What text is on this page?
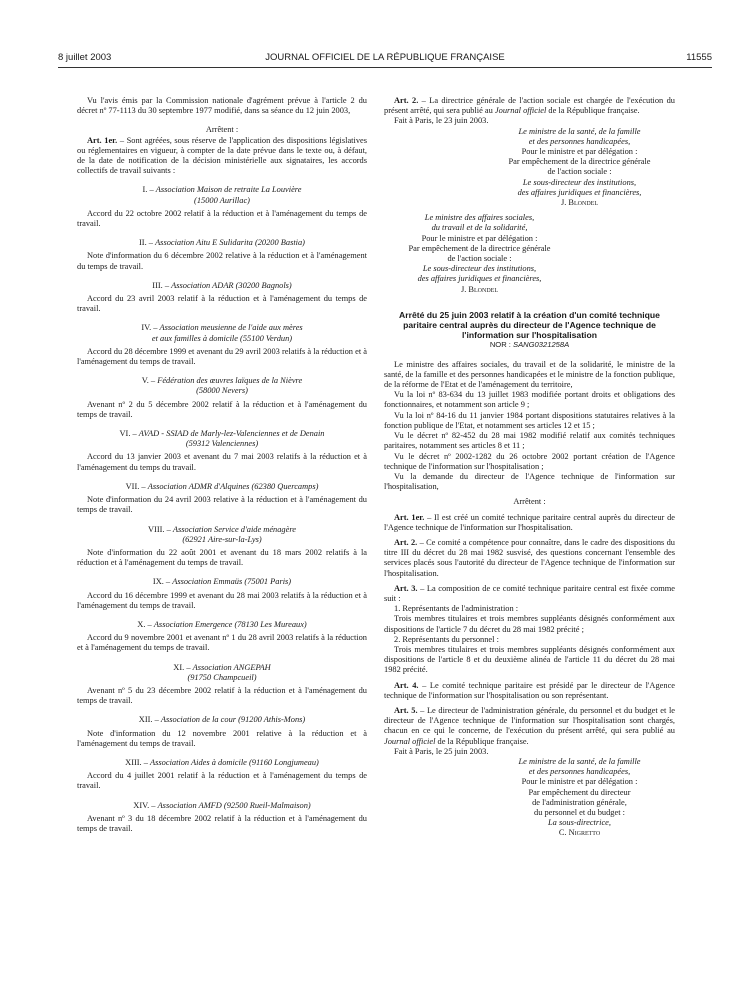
8 juillet 2003	JOURNAL OFFICIEL DE LA RÉPUBLIQUE FRANÇAISE	11555

Vu l'avis émis par la Commission nationale d'agrément prévue à l'article 2 du décret nº 77-1113 du 30 septembre 1977 modifié, dans sa séance du 12 juin 2003,

Arrêtent :

Art. 1er. – Sont agréées, sous réserve de l'application des dispositions législatives ou réglementaires en vigueur, à compter de la date prévue dans le texte ou, à défaut, de la date de notification de la décision ministérielle aux signataires, les accords collectifs de travail suivants :

I. – Association Maison de retraite La Louvière

(15000 Aurillac)

Accord du 22 octobre 2002 relatif à la réduction et à l'aménagement du temps de travail.

II. – Association Aitu E Sulidarita (20200 Bastia)

Note d'information du 6 décembre 2002 relative à la réduction et à l'aménagement du temps de travail.

III. – Association ADAR (30200 Bagnols)

Accord du 23 avril 2003 relatif à la réduction et à l'aménagement du temps de travail.

IV. – Association meusienne de l'aide aux mères

et aux familles à domicile (55100 Verdun)

Accord du 28 décembre 1999 et avenant du 29 avril 2003 relatifs à la réduction et à l'aménagement du temps de travail.

V. – Fédération des œuvres laïques de la Nièvre

(58000 Nevers)

Avenant nº 2 du 5 décembre 2002 relatif à la réduction et à l'aménagement du temps de travail.

VI. – AVAD - SSIAD de Marly-lez-Valenciennes et de Denain

(59312 Valenciennes)

Accord du 13 janvier 2003 et avenant du 7 mai 2003 relatifs à la réduction et à l'aménagement du temps du travail.

VII. – Association ADMR d'Alquines (62380 Quercamps)

Note d'information du 24 avril 2003 relative à la réduction et à l'aménagement du temps de travail.

VIII. – Association Service d'aide ménagère

(62921 Aire-sur-la-Lys)

Note d'information du 22 août 2001 et avenant du 18 mars 2002 relatifs à la réduction et à l'aménagement du temps de travail.

IX. – Association Emmaüs (75001 Paris)

Accord du 16 décembre 1999 et avenant du 28 mai 2003 relatifs à la réduction et à l'aménagement du temps de travail.

X. – Association Emergence (78130 Les Mureaux)

Accord du 9 novembre 2001 et avenant nº 1 du 28 avril 2003 relatifs à la réduction et à l'aménagement du temps de travail.

XI. – Association ANGEPAH

(91750 Champcueil)

Avenant nº 5 du 23 décembre 2002 relatif à la réduction et à l'aménagement du temps de travail.

XII. – Association de la cour (91200 Athis-Mons)

Note d'information du 12 novembre 2001 relative à la réduction et à l'aménagement du temps de travail.

XIII. – Association Aides à domicile (91160 Longjumeau)

Accord du 4 juillet 2001 relatif à la réduction et à l'aménagement du temps de travail.

XIV. – Association AMFD (92500 Rueil-Malmaison)

Avenant nº 3 du 18 décembre 2002 relatif à la réduction et à l'aménagement du temps de travail.

Art. 2. – La directrice générale de l'action sociale est chargée de l'exécution du présent arrêté, qui sera publié au Journal officiel de la République française.

Fait à Paris, le 23 juin 2003.

Le ministre de la santé, de la famille

et des personnes handicapées,

Pour le ministre et par délégation :

Par empêchement de la directrice générale

de l'action sociale :

Le sous-directeur des institutions,

des affaires juridiques et financières,

J. Blondel

Le ministre des affaires sociales,

du travail et de la solidarité,

Pour le ministre et par délégation :

Par empêchement de la directrice générale

de l'action sociale :

Le sous-directeur des institutions,

des affaires juridiques et financières,

J. Blondel

Arrêté du 25 juin 2003 relatif à la création d'un comité technique paritaire central auprès du directeur de l'Agence technique de l'information sur l'hospitalisation

NOR : SANG0321258A

Le ministre des affaires sociales, du travail et de la solidarité, le ministre de la santé, de la famille et des personnes handicapées et le ministre de la fonction publique, de la réforme de l'Etat et de l'aménagement du territoire,

Vu la loi nº 83-634 du 13 juillet 1983 modifiée portant droits et obligations des fonctionnaires, et notamment son article 9 ;

Vu la loi nº 84-16 du 11 janvier 1984 portant dispositions statutaires relatives à la fonction publique de l'Etat, et notamment ses articles 12 et 15 ;

Vu le décret nº 82-452 du 28 mai 1982 modifié relatif aux comités techniques paritaires, notamment ses articles 8 et 11 ;

Vu le décret nº 2002-1282 du 26 octobre 2002 portant création de l'Agence technique de l'information sur l'hospitalisation ;

Vu la demande du directeur de l'Agence technique de l'information sur l'hospitalisation,

Arrêtent :

Art. 1er. – Il est créé un comité technique paritaire central auprès du directeur de l'Agence technique de l'information sur l'hospitalisation.

Art. 2. – Ce comité a compétence pour connaître, dans le cadre des dispositions du titre III du décret du 28 mai 1982 susvisé, des questions concernant l'ensemble des services placés sous l'autorité du directeur de l'Agence technique de l'information sur l'hospitalisation.

Art. 3. – La composition de ce comité technique paritaire central est fixée comme suit :

1. Représentants de l'administration :

Trois membres titulaires et trois membres suppléants désignés conformément aux dispositions de l'article 7 du décret du 28 mai 1982 précité ;

2. Représentants du personnel :

Trois membres titulaires et trois membres suppléants désignés conformément aux dispositions de l'article 8 et du deuxième alinéa de l'article 11 du décret du 28 mai 1982 précité.

Art. 4. – Le comité technique paritaire est présidé par le directeur de l'Agence technique de l'information sur l'hospitalisation ou son représentant.

Art. 5. – Le directeur de l'administration générale, du personnel et du budget et le directeur de l'Agence technique de l'information sur l'hospitalisation sont chargés, chacun en ce qui le concerne, de l'exécution du présent arrêté, qui sera publié au Journal officiel de la République française.

Fait à Paris, le 25 juin 2003.

Le ministre de la santé, de la famille

et des personnes handicapées,

Pour le ministre et par délégation :

Par empêchement du directeur

de l'administration générale,

du personnel et du budget :

La sous-directrice,

C. Nigretto
